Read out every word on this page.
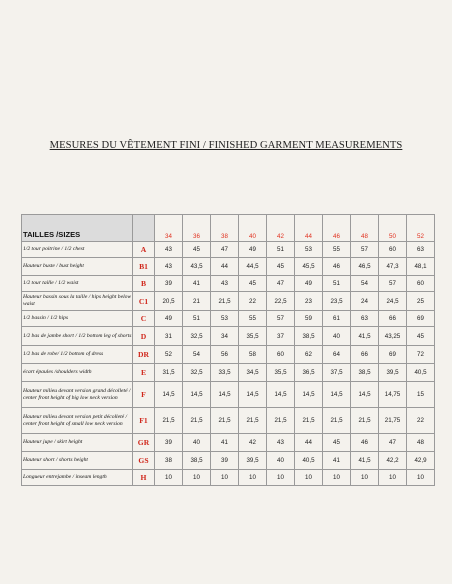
MESURES DU VÊTEMENT FINI / FINISHED GARMENT MEASUREMENTS
TAILLES /SIZES		34	36	38	40	42	44	46	48	50	52
1/2 tour poitrine / 1/2 chest	A	43	45	47	49	51	53	55	57	60	63
Hauteur buste / bust height	B1	43	43,5	44	44,5	45	45,5	46	46,5	47,3	48,1
1/2 tour taille / 1/2 waist	B	39	41	43	45	47	49	51	54	57	60
Hauteur bassin sous la taille / hips height below waist	C1	20,5	21	21,5	22	22,5	23	23,5	24	24,5	25
1/2 bassin / 1/2 hips	C	49	51	53	55	57	59	61	63	66	69
1/2 bas de jambe short / 1/2 bottom leg of shorts	D	31	32,5	34	35,5	37	38,5	40	41,5	43,25	45
1/2 bas de robe/ 1/2 bottom of dress	DR	52	54	56	58	60	62	64	66	69	72
écart épaules /shoulders width	E	31,5	32,5	33,5	34,5	35,5	36,5	37,5	38,5	39,5	40,5
Hauteur milieu devant version grand décolleté / center front height of big low neck version	F	14,5	14,5	14,5	14,5	14,5	14,5	14,5	14,5	14,75	15
Hauteur milieu devant version petit décolleté / center front height of small low neck version	F1	21,5	21,5	21,5	21,5	21,5	21,5	21,5	21,5	21,75	22
Hauteur jupe / skirt height	GR	39	40	41	42	43	44	45	46	47	48
Hauteur short / shorts height	GS	38	38,5	39	39,5	40	40,5	41	41,5	42,2	42,9
Longueur entrejambe / inseam length	H	10	10	10	10	10	10	10	10	10	10
